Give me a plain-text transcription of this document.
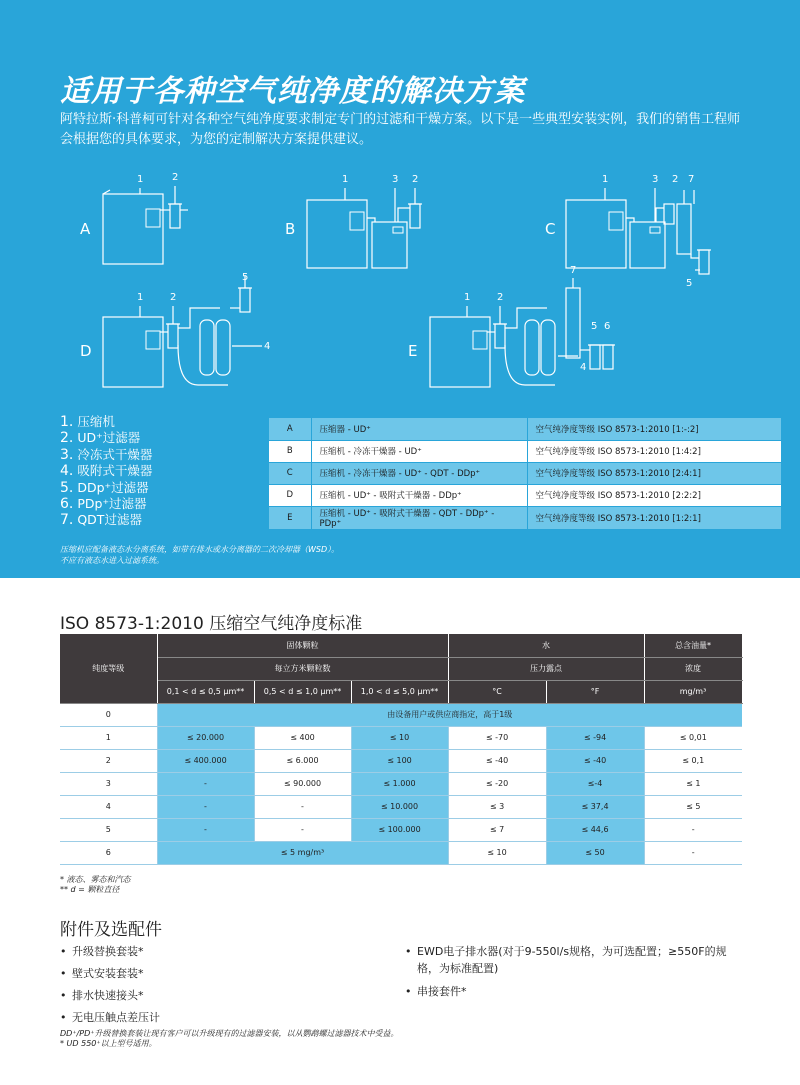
适用于各种空气纯净度的解决方案
阿特拉斯·科普柯可针对各种空气纯净度要求制定专门的过滤和干燥方案。以下是一些典型安装实例，我们的销售工程师会根据您的具体要求，为您的定制解决方案提供建议。
A
1	2
B
1	3 2
C
1	3 2 7
5
D
1	2
5
4	E
1	2
7
5 6
4
1. 压缩机
2. UD⁺过滤器
3. 冷冻式干燥器
4. 吸附式干燥器
5. DDp⁺过滤器
6. PDp⁺过滤器
7. QDT过滤器
A	压缩器 - UD⁺	空气纯净度等级 ISO 8573-1:2010 [1:-:2]
B	压缩机 - 冷冻干燥器 - UD⁺	空气纯净度等级 ISO 8573-1:2010 [1:4:2]
C	压缩机 - 冷冻干燥器 - UD⁺ - QDT - DDp⁺	空气纯净度等级 ISO 8573-1:2010 [2:4:1]
D	压缩机 - UD⁺ - 吸附式干燥器 - DDp⁺	空气纯净度等级 ISO 8573-1:2010 [2:2:2]
E	压缩机 - UD⁺ - 吸附式干燥器 - QDT - DDp⁺ - PDp⁺	空气纯净度等级 ISO 8573-1:2010 [1:2:1]
压缩机应配备液态水分离系统，如带有排水或水分离器的二次冷却器（WSD）。
不应有液态水进入过滤系统。
ISO 8573-1:2010 压缩空气纯净度标准
纯度等级	固体颗粒			水		总含油量*
	每立方米颗粒数			压力露点		浓度
	0,1 < d ≤ 0,5 μm**	0,5 < d ≤ 1,0 μm**	1,0 < d ≤ 5,0 μm**	°C	°F	mg/m³
0	由设备用户或供应商指定，高于1级					
1	≤ 20.000	≤ 400	≤ 10	≤ -70	≤ -94	≤ 0,01
2	≤ 400.000	≤ 6.000	≤ 100	≤ -40	≤ -40	≤ 0,1
3	-	≤ 90.000	≤ 1.000	≤ -20	≤-4	≤ 1
4	-	-	≤ 10.000	≤ 3	≤ 37,4	≤ 5
5	-	-	≤ 100.000	≤ 7	≤ 44,6	-
6	≤ 5 mg/m³			≤ 10	≤ 50	-
* 液态、雾态和汽态
** d = 颗粒直径
附件及选配件
• 升级替换套装*
• 壁式安装套装*
• 排水快速接头*
• 无电压触点差压计
• EWD电子排水器(对于9-550l/s规格，为可选配置；≥550F的规格，为标准配置)
• 串接套件*
DD⁺/PD⁺升级替换套装让现有客户可以升级现有的过滤器安装，以从鹦鹉螺过滤器技术中受益。
* UD 550⁺以上型号适用。
